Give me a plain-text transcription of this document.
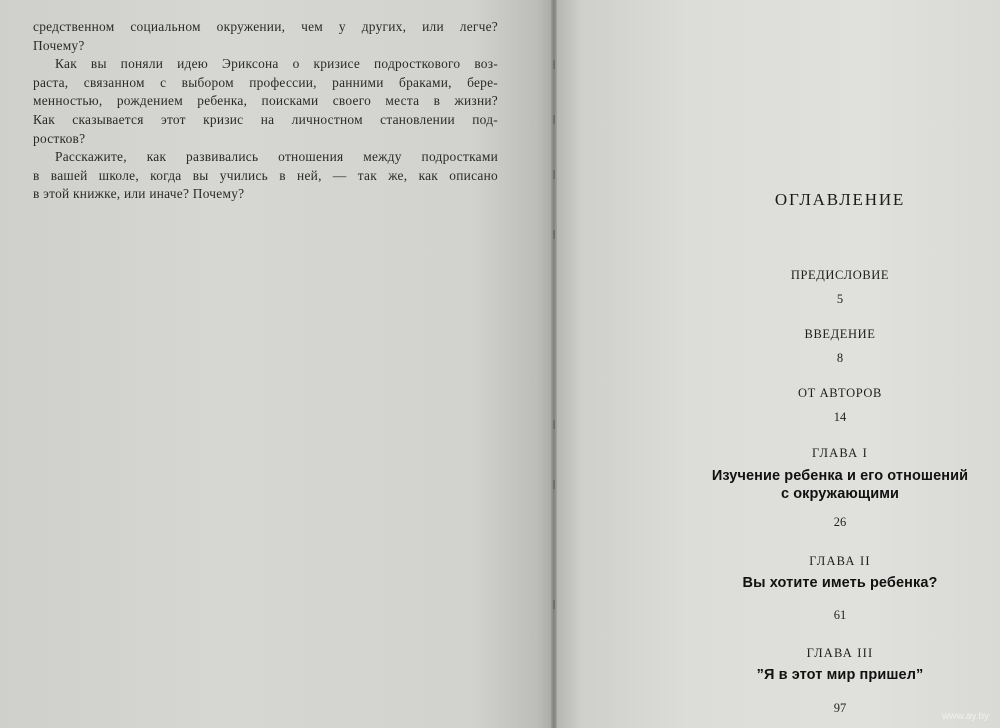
средственном социальном окружении, чем у других, или легче?
Почему?
Как вы поняли идею Эриксона о кризисе подросткового воз-
раста, связанном с выбором профессии, ранними браками, бере-
менностью, рождением ребенка, поисками своего места в жизни?
Как сказывается этот кризис на личностном становлении под-
ростков?
Расскажите, как развивались отношения между подростками
в вашей школе, когда вы учились в ней, — так же, как описано
в этой книжке, или иначе? Почему?	ОГЛАВЛЕНИЕ
ПРЕДИСЛОВИЕ
5
ВВЕДЕНИЕ
8
ОТ АВТОРОВ
14
ГЛАВА I
Изучение ребенка и его отношений
с окружающими
26
ГЛАВА II
Вы хотите иметь ребенка?
61
ГЛАВА III
”Я в этот мир пришел”
97
www.ay.by
